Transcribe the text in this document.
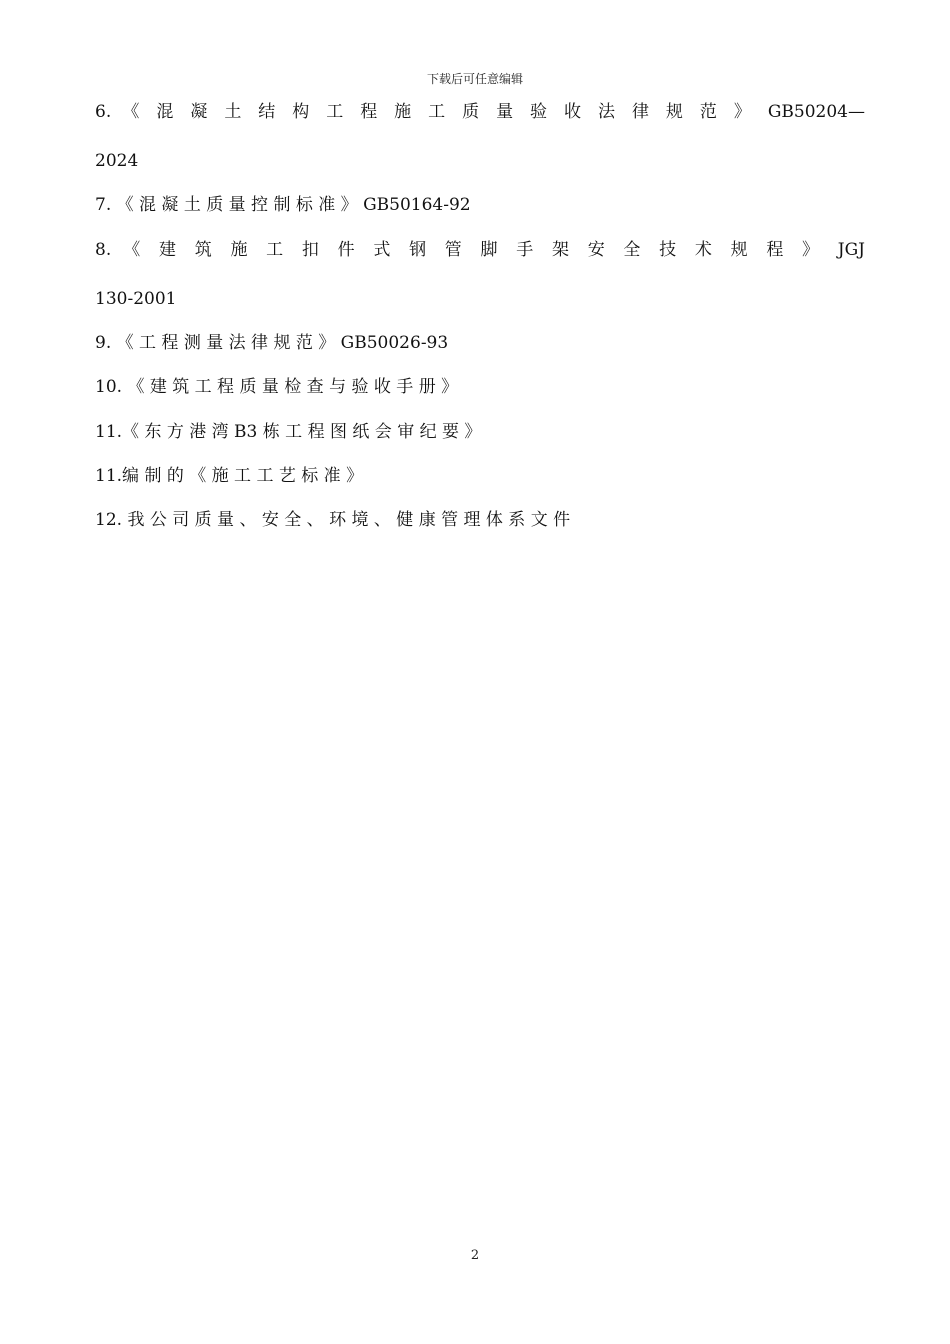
下载后可任意编辑
6. 《 混 凝 土 结 构 工 程 施 工 质 量 验 收 法 律 规 范 》 GB50204—
2024
7. 《 混 凝 土 质 量 控 制 标 准 》 GB50164-92
8. 《 建 筑 施 工 扣 件 式 钢 管 脚 手 架 安 全 技 术 规 程 》 JGJ
130-2001
9. 《 工 程 测 量 法 律 规 范 》 GB50026-93
10. 《 建 筑 工 程 质 量 检 查 与 验 收 手 册 》
11.《 东 方 港 湾 B3 栋 工 程 图 纸 会 审 纪 要 》
11.编 制 的 《 施 工 工 艺 标 准 》
12. 我 公 司 质 量 、 安 全 、 环 境 、 健 康 管 理 体 系 文 件
2
